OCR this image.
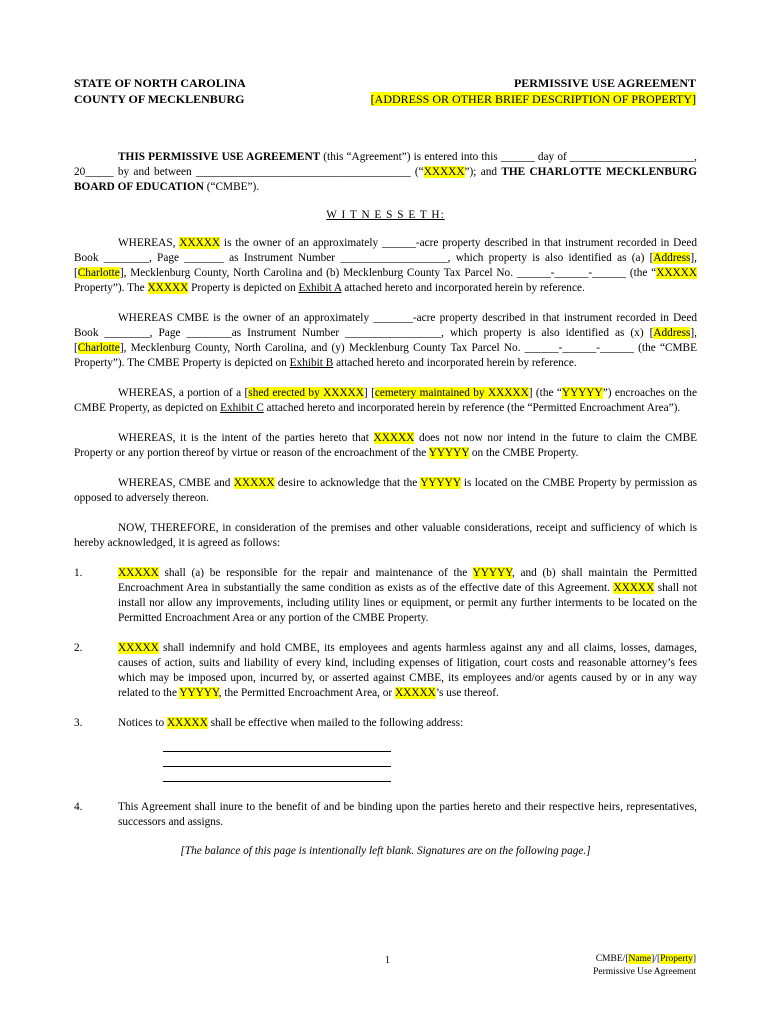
STATE OF NORTH CAROLINA
COUNTY OF MECKLENBURG
PERMISSIVE USE AGREEMENT
[ADDRESS OR OTHER BRIEF DESCRIPTION OF PROPERTY]

THIS PERMISSIVE USE AGREEMENT (this “Agreement”) is entered into this ______ day of ______________________, 20_____ by and between ______________________________________ (“XXXXX”); and THE CHARLOTTE MECKLENBURG BOARD OF EDUCATION (“CMBE”).

W I T N E S S E T H:

WHEREAS, XXXXX is the owner of an approximately ______-acre property described in that instrument recorded in Deed Book ________, Page _______ as Instrument Number ___________________, which property is also identified as (a) [Address], [Charlotte], Mecklenburg County, North Carolina and (b) Mecklenburg County Tax Parcel No. ______-______-______ (the “XXXXX Property”). The XXXXX Property is depicted on Exhibit A attached hereto and incorporated herein by reference.

WHEREAS CMBE is the owner of an approximately _______-acre property described in that instrument recorded in Deed Book ________, Page ________as Instrument Number _________________, which property is also identified as (x) [Address], [Charlotte], Mecklenburg County, North Carolina, and (y) Mecklenburg County Tax Parcel No. ______-______-______ (the “CMBE Property”). The CMBE Property is depicted on Exhibit B attached hereto and incorporated herein by reference.

WHEREAS, a portion of a [shed erected by XXXXX] [cemetery maintained by XXXXX] (the “YYYYY”) encroaches on the CMBE Property, as depicted on Exhibit C attached hereto and incorporated herein by reference (the “Permitted Encroachment Area”).

WHEREAS, it is the intent of the parties hereto that XXXXX does not now nor intend in the future to claim the CMBE Property or any portion thereof by virtue or reason of the encroachment of the YYYYY on the CMBE Property.

WHEREAS, CMBE and XXXXX desire to acknowledge that the YYYYY is located on the CMBE Property by permission as opposed to adversely thereon.

NOW, THEREFORE, in consideration of the premises and other valuable considerations, receipt and sufficiency of which is hereby acknowledged, it is agreed as follows:

1.	XXXXX shall (a) be responsible for the repair and maintenance of the YYYYY, and (b) shall maintain the Permitted Encroachment Area in substantially the same condition as exists as of the effective date of this Agreement. XXXXX shall not install nor allow any improvements, including utility lines or equipment, or permit any further interments to be located on the Permitted Encroachment Area or any portion of the CMBE Property.
2.	XXXXX shall indemnify and hold CMBE, its employees and agents harmless against any and all claims, losses, damages, causes of action, suits and liability of every kind, including expenses of litigation, court costs and reasonable attorney’s fees which may be imposed upon, incurred by, or asserted against CMBE, its employees and/or agents caused by or in any way related to the YYYYY, the Permitted Encroachment Area, or XXXXX’s use thereof.
3.	Notices to XXXXX shall be effective when mailed to the following address:
4.	This Agreement shall inure to the benefit of and be binding upon the parties hereto and their respective heirs, representatives, successors and assigns.
[The balance of this page is intentionally left blank. Signatures are on the following page.]
1	CMBE/[Name]/[Property]
Permissive Use Agreement
